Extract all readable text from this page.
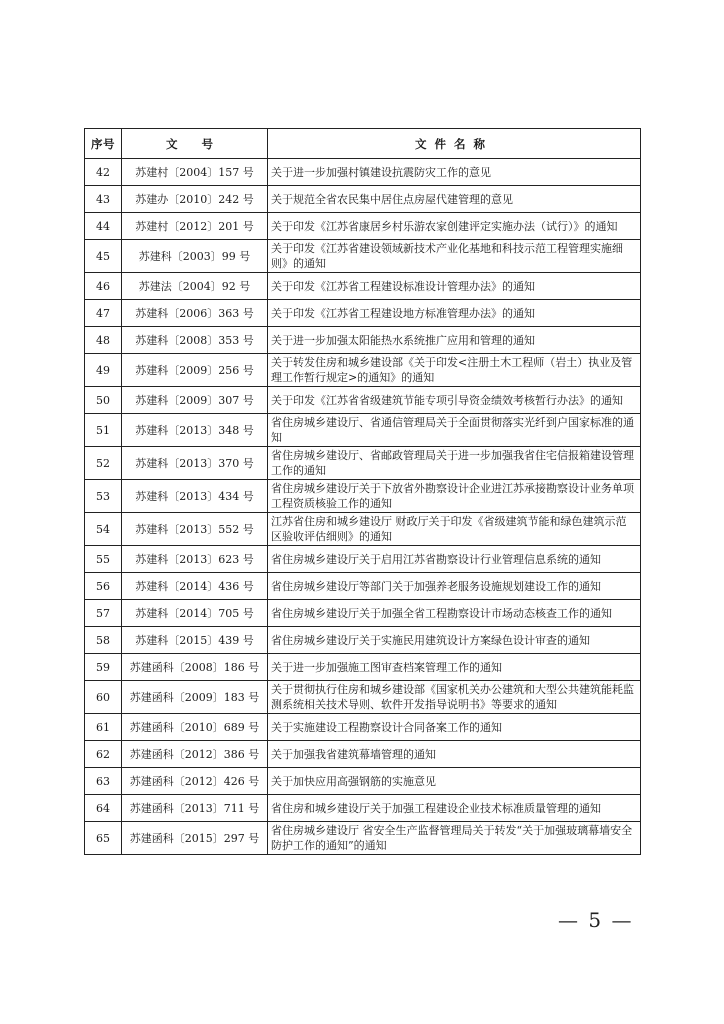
序号	文 号	文件名称
42	苏建村〔2004〕157 号	关于进一步加强村镇建设抗震防灾工作的意见
43	苏建办〔2010〕242 号	关于规范全省农民集中居住点房屋代建管理的意见
44	苏建村〔2012〕201 号	关于印发《江苏省康居乡村乐游农家创建评定实施办法（试行）》的通知
45	苏建科〔2003〕99 号	关于印发《江苏省建设领域新技术产业化基地和科技示范工程管理实施细则》的通知
46	苏建法〔2004〕92 号	关于印发《江苏省工程建设标准设计管理办法》的通知
47	苏建科〔2006〕363 号	关于印发《江苏省工程建设地方标准管理办法》的通知
48	苏建科〔2008〕353 号	关于进一步加强太阳能热水系统推广应用和管理的通知
49	苏建科〔2009〕256 号	关于转发住房和城乡建设部《关于印发<注册土木工程师（岩土）执业及管理工作暂行规定>的通知》的通知
50	苏建科〔2009〕307 号	关于印发《江苏省省级建筑节能专项引导资金绩效考核暂行办法》的通知
51	苏建科〔2013〕348 号	省住房城乡建设厅、省通信管理局关于全面贯彻落实光纤到户国家标准的通知
52	苏建科〔2013〕370 号	省住房城乡建设厅、省邮政管理局关于进一步加强我省住宅信报箱建设管理工作的通知
53	苏建科〔2013〕434 号	省住房城乡建设厅关于下放省外勘察设计企业进江苏承接勘察设计业务单项工程资质核验工作的通知
54	苏建科〔2013〕552 号	江苏省住房和城乡建设厅 财政厅关于印发《省级建筑节能和绿色建筑示范区验收评估细则》的通知
55	苏建科〔2013〕623 号	省住房城乡建设厅关于启用江苏省勘察设计行业管理信息系统的通知
56	苏建科〔2014〕436 号	省住房城乡建设厅等部门关于加强养老服务设施规划建设工作的通知
57	苏建科〔2014〕705 号	省住房城乡建设厅关于加强全省工程勘察设计市场动态核查工作的通知
58	苏建科〔2015〕439 号	省住房城乡建设厅关于实施民用建筑设计方案绿色设计审查的通知
59	苏建函科〔2008〕186 号	关于进一步加强施工图审查档案管理工作的通知
60	苏建函科〔2009〕183 号	关于贯彻执行住房和城乡建设部《国家机关办公建筑和大型公共建筑能耗监测系统相关技术导则、软件开发指导说明书》等要求的通知
61	苏建函科〔2010〕689 号	关于实施建设工程勘察设计合同备案工作的通知
62	苏建函科〔2012〕386 号	关于加强我省建筑幕墙管理的通知
63	苏建函科〔2012〕426 号	关于加快应用高强钢筋的实施意见
64	苏建函科〔2013〕711 号	省住房和城乡建设厅关于加强工程建设企业技术标准质量管理的通知
65	苏建函科〔2015〕297 号	省住房城乡建设厅 省安全生产监督管理局关于转发“关于加强玻璃幕墙安全防护工作的通知”的通知
— 5 —
